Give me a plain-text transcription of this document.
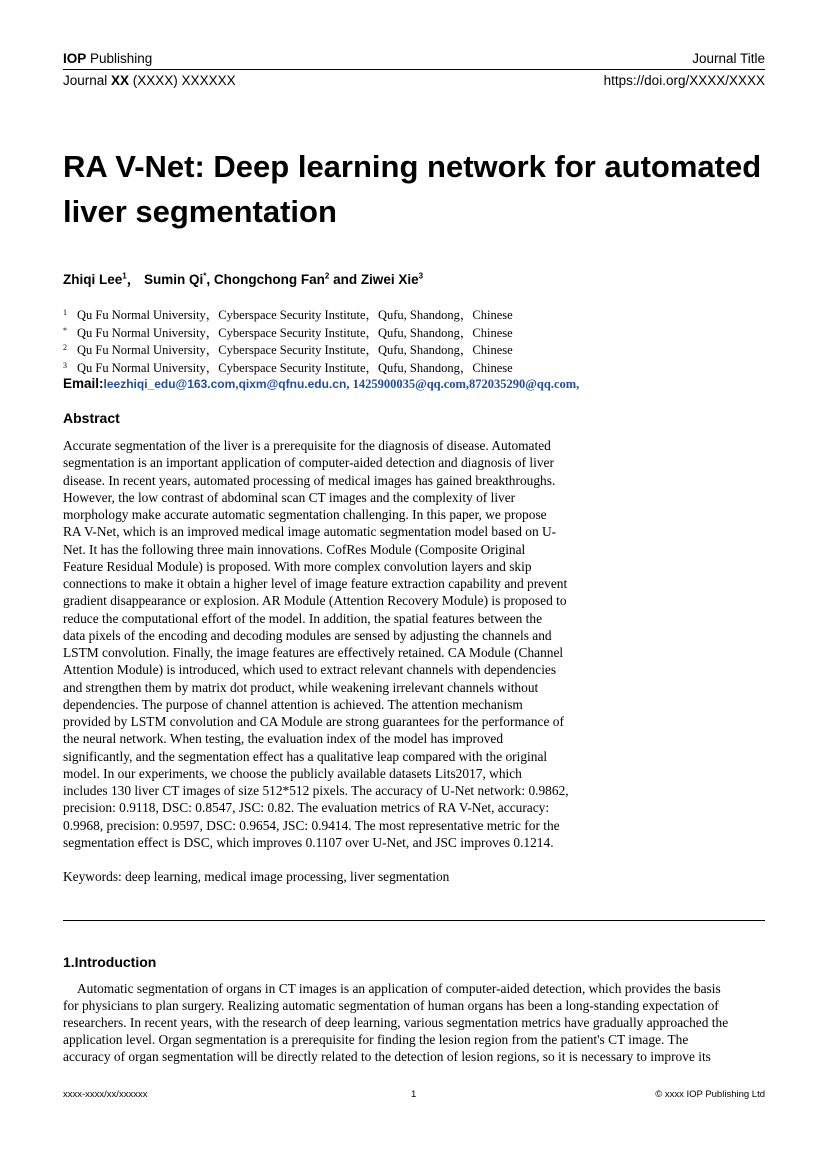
IOP Publishing	Journal Title
Journal XX (XXXX) XXXXXX	https://doi.org/XXXX/XXXX
RA V-Net: Deep learning network for automated
liver segmentation
Zhiqi Lee$^1$， Sumin Qi*, Chongchong Fan$^2$ and Ziwei Xie$^3$
1 Qu Fu Normal University，Cyberspace Security Institute，Qufu, Shandong，Chinese
* Qu Fu Normal University，Cyberspace Security Institute，Qufu, Shandong，Chinese
2 Qu Fu Normal University，Cyberspace Security Institute，Qufu, Shandong，Chinese
3 Qu Fu Normal University，Cyberspace Security Institute，Qufu, Shandong，Chinese
Email:leezhiqi_edu@163.com,qixm@qfnu.edu.cn, 1425900035@qq.com,872035290@qq.com,
Abstract
Accurate segmentation of the liver is a prerequisite for the diagnosis of disease. Automated
segmentation is an important application of computer-aided detection and diagnosis of liver
disease. In recent years, automated processing of medical images has gained breakthroughs.
However, the low contrast of abdominal scan CT images and the complexity of liver
morphology make accurate automatic segmentation challenging. In this paper, we propose
RA V-Net, which is an improved medical image automatic segmentation model based on U-
Net. It has the following three main innovations. CofRes Module (Composite Original
Feature Residual Module) is proposed. With more complex convolution layers and skip
connections to make it obtain a higher level of image feature extraction capability and prevent
gradient disappearance or explosion. AR Module (Attention Recovery Module) is proposed to
reduce the computational effort of the model. In addition, the spatial features between the
data pixels of the encoding and decoding modules are sensed by adjusting the channels and
LSTM convolution. Finally, the image features are effectively retained. CA Module (Channel
Attention Module) is introduced, which used to extract relevant channels with dependencies
and strengthen them by matrix dot product, while weakening irrelevant channels without
dependencies. The purpose of channel attention is achieved. The attention mechanism
provided by LSTM convolution and CA Module are strong guarantees for the performance of
the neural network. When testing, the evaluation index of the model has improved
significantly, and the segmentation effect has a qualitative leap compared with the original
model. In our experiments, we choose the publicly available datasets Lits2017, which
includes 130 liver CT images of size 512*512 pixels. The accuracy of U-Net network: 0.9862,
precision: 0.9118, DSC: 0.8547, JSC: 0.82. The evaluation metrics of RA V-Net, accuracy:
0.9968, precision: 0.9597, DSC: 0.9654, JSC: 0.9414. The most representative metric for the
segmentation effect is DSC, which improves 0.1107 over U-Net, and JSC improves 0.1214.
Keywords: deep learning, medical image processing, liver segmentation
1.Introduction
Automatic segmentation of organs in CT images is an application of computer-aided detection, which provides the basis
for physicians to plan surgery. Realizing automatic segmentation of human organs has been a long-standing expectation of
researchers. In recent years, with the research of deep learning, various segmentation metrics have gradually approached the
application level. Organ segmentation is a prerequisite for finding the lesion region from the patient's CT image. The
accuracy of organ segmentation will be directly related to the detection of lesion regions, so it is necessary to improve its
xxxx-xxxx/xx/xxxxxx	1	© xxxx IOP Publishing Ltd
